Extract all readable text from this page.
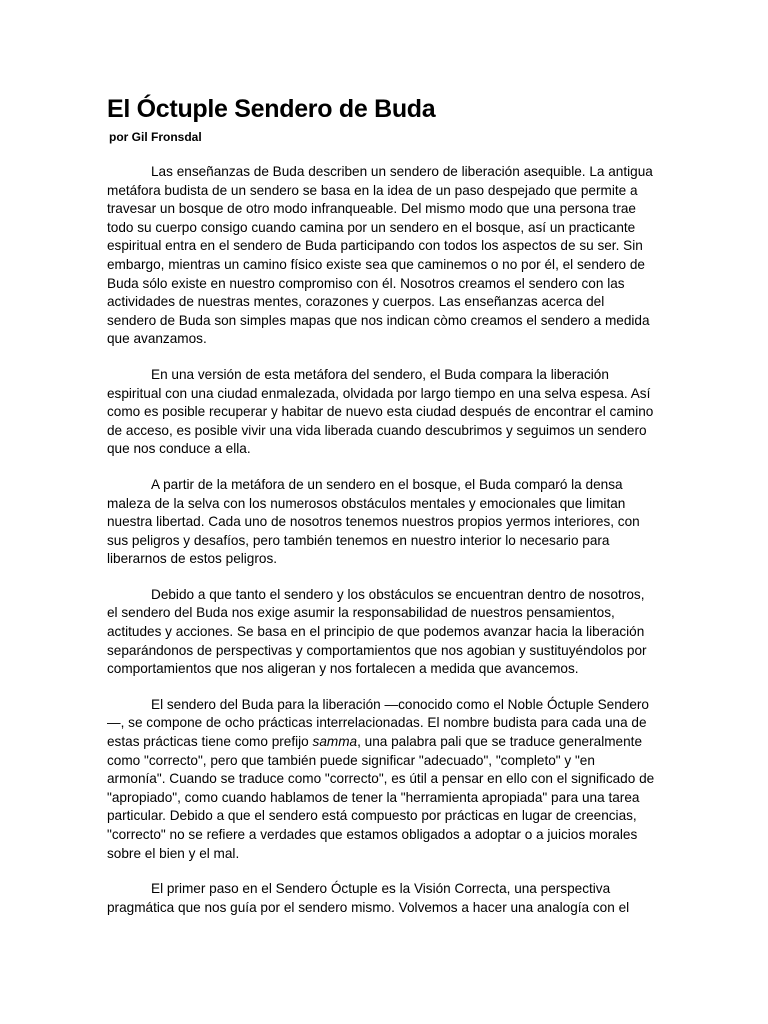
El Óctuple Sendero de Buda
por Gil Fronsdal

Las enseñanzas de Buda describen un sendero de liberación asequible. La antigua metáfora budista de un sendero se basa en la idea de un paso despejado que permite a travesar un bosque de otro modo infranqueable. Del mismo modo que una persona trae todo su cuerpo consigo cuando camina por un sendero en el bosque, así un practicante espiritual entra en el sendero de Buda participando con todos los aspectos de su ser. Sin embargo, mientras un camino físico existe sea que caminemos o no por él, el sendero de Buda sólo existe en nuestro compromiso con él. Nosotros creamos el sendero con las actividades de nuestras mentes, corazones y cuerpos. Las enseñanzas acerca del sendero de Buda son simples mapas que nos indican còmo creamos el sendero a medida que avanzamos.

En una versión de esta metáfora del sendero, el Buda compara la liberación espiritual con una ciudad enmalezada, olvidada por largo tiempo en una selva espesa. Así como es posible recuperar y habitar de nuevo esta ciudad después de encontrar el camino de acceso, es posible vivir una vida liberada cuando descubrimos y seguimos un sendero que nos conduce a ella.

A partir de la metáfora de un sendero en el bosque, el Buda comparó la densa maleza de la selva con los numerosos obstáculos mentales y emocionales que limitan nuestra libertad. Cada uno de nosotros tenemos nuestros propios yermos interiores, con sus peligros y desafíos, pero también tenemos en nuestro interior lo necesario para liberarnos de estos peligros.

Debido a que tanto el sendero y los obstáculos se encuentran dentro de nosotros, el sendero del Buda nos exige asumir la responsabilidad de nuestros pensamientos, actitudes y acciones. Se basa en el principio de que podemos avanzar hacia la liberación separándonos de perspectivas y comportamientos que nos agobian y sustituyéndolos por comportamientos que nos aligeran y nos fortalecen a medida que avancemos.

El sendero del Buda para la liberación —conocido como el Noble Óctuple Sendero—, se compone de ocho prácticas interrelacionadas. El nombre budista para cada una de estas prácticas tiene como prefijo samma, una palabra pali que se traduce generalmente como "correcto", pero que también puede significar "adecuado", "completo" y "en armonía". Cuando se traduce como "correcto", es útil a pensar en ello con el significado de "apropiado", como cuando hablamos de tener la "herramienta apropiada" para una tarea particular. Debido a que el sendero está compuesto por prácticas en lugar de creencias, "correcto" no se refiere a verdades que estamos obligados a adoptar o a juicios morales sobre el bien y el mal.

El primer paso en el Sendero Óctuple es la Visión Correcta, una perspectiva pragmática que nos guía por el sendero mismo. Volvemos a hacer una analogía con el
